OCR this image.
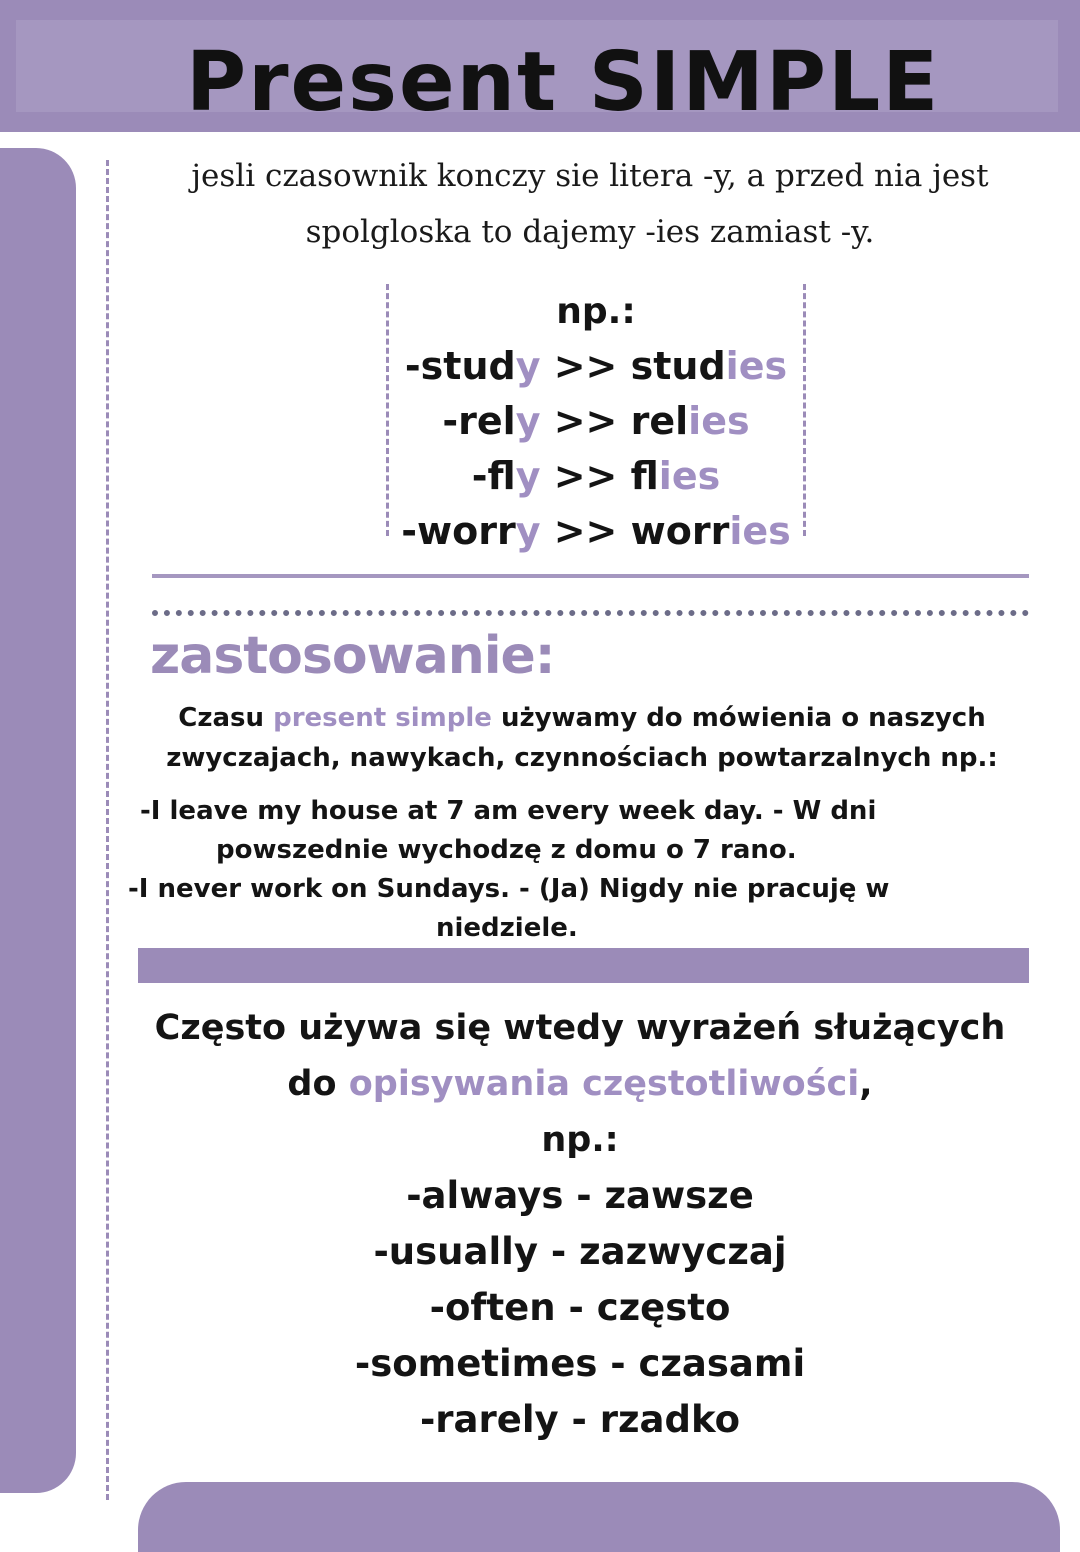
Present SIMPLE

jesli czasownik konczy sie litera -y, a przed nia jest spolgloska to dajemy -ies zamiast -y.

np.:
-study >> studies
-rely >> relies
-fly >> flies
-worry >> worries
zastosowanie:

Czasu present simple używamy do mówienia o naszych zwyczajach, nawykach, czynnościach powtarzalnych np.:

-I leave my house at 7 am every week day. - W dni
powszednie wychodzę z domu o 7 rano.
-I never work on Sundays. - (Ja) Nigdy nie pracuję w
niedziele.
Często używa się wtedy wyrażeń służących do opisywania częstotliwości,
np.:
-always - zawsze
-usually - zazwyczaj
-often - często
-sometimes - czasami
-rarely - rzadko
